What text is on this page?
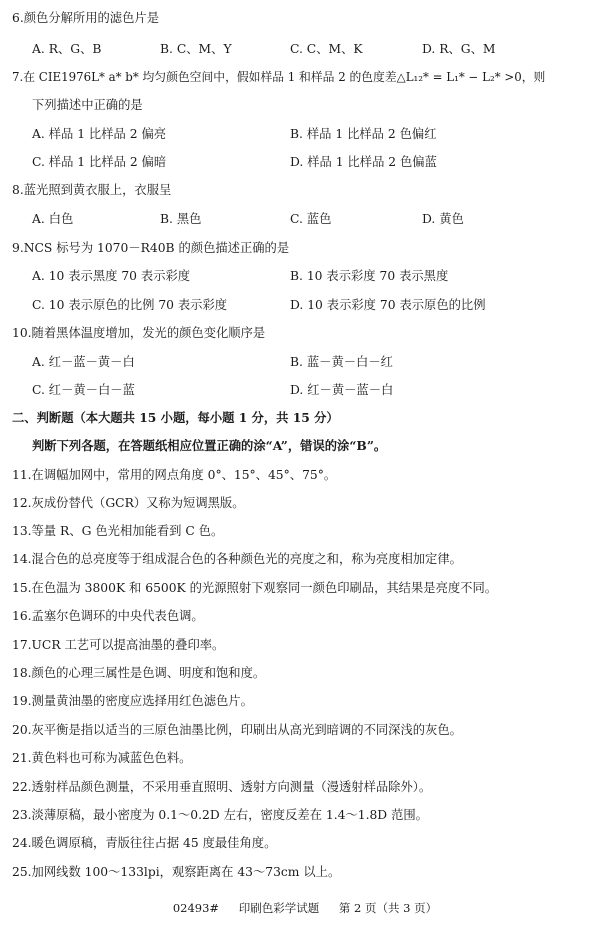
6.颜色分解所用的滤色片是
A. R、G、B	B. C、M、Y	C. C、M、K	D. R、G、M
7.在 CIE1976L* a* b* 均匀颜色空间中，假如样品 1 和样品 2 的色度差△L₁₂* = L₁* − L₂* >0，则
下列描述中正确的是
A. 样品 1 比样品 2 偏亮	B. 样品 1 比样品 2 色偏红
C. 样品 1 比样品 2 偏暗	D. 样品 1 比样品 2 色偏蓝
8.蓝光照到黄衣服上，衣服呈
A. 白色	B. 黑色	C. 蓝色	D. 黄色
9.NCS 标号为 1070－R40B 的颜色描述正确的是
A. 10 表示黑度 70 表示彩度	B. 10 表示彩度 70 表示黑度
C. 10 表示原色的比例 70 表示彩度	D. 10 表示彩度 70 表示原色的比例
10.随着黑体温度增加，发光的颜色变化顺序是
A. 红－蓝－黄－白	B. 蓝－黄－白－红
C. 红－黄－白－蓝	D. 红－黄－蓝－白
二、判断题（本大题共 15 小题，每小题 1 分，共 15 分）
判断下列各题，在答题纸相应位置正确的涂“A”，错误的涂“B”。
11.在调幅加网中，常用的网点角度 0°、15°、45°、75°。
12.灰成份替代（GCR）又称为短调黑版。
13.等量 R、G 色光相加能看到 C 色。
14.混合色的总亮度等于组成混合色的各种颜色光的亮度之和，称为亮度相加定律。
15.在色温为 3800K 和 6500K 的光源照射下观察同一颜色印刷品，其结果是亮度不同。
16.孟塞尔色调环的中央代表色调。
17.UCR 工艺可以提高油墨的叠印率。
18.颜色的心理三属性是色调、明度和饱和度。
19.测量黄油墨的密度应选择用红色滤色片。
20.灰平衡是指以适当的三原色油墨比例，印刷出从高光到暗调的不同深浅的灰色。
21.黄色料也可称为减蓝色色料。
22.透射样品颜色测量，不采用垂直照明、透射方向测量（漫透射样品除外）。
23.淡薄原稿，最小密度为 0.1～0.2D 左右，密度反差在 1.4～1.8D 范围。
24.暖色调原稿，青版往往占据 45 度最佳角度。
25.加网线数 100～133lpi，观察距离在 43～73cm 以上。
02493# 印刷色彩学试题 第 2 页（共 3 页）
